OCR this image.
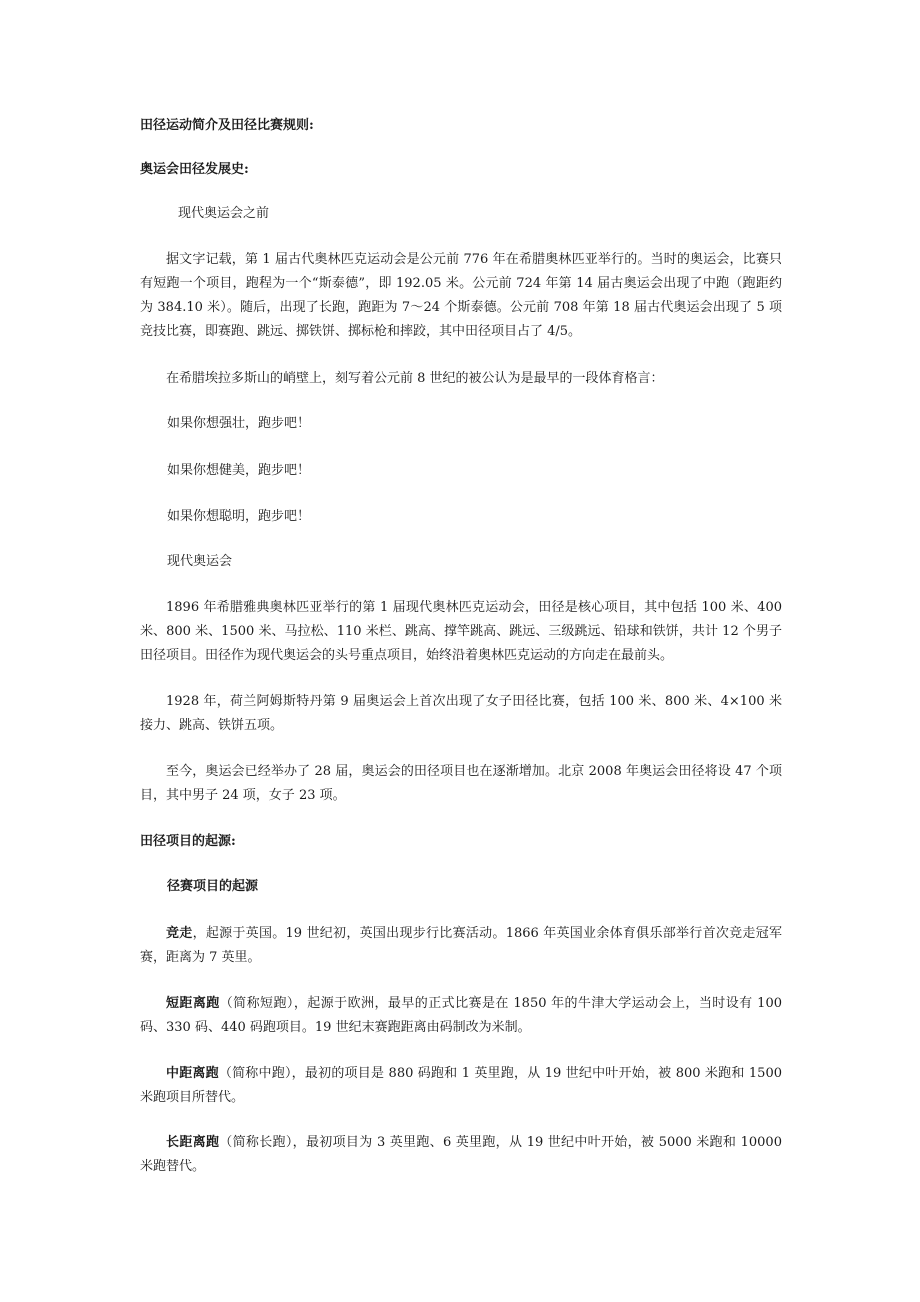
田径运动简介及田径比赛规则:

奥运会田径发展史:

现代奥运会之前

据文字记载，第 1 届古代奥林匹克运动会是公元前 776 年在希腊奥林匹亚举行的。当时的奥运会，比赛只有短跑一个项目，跑程为一个“斯泰德”，即 192.05 米。公元前 724 年第 14 届古奥运会出现了中跑（跑距约为 384.10 米）。随后，出现了长跑，跑距为 7～24 个斯泰德。公元前 708 年第 18 届古代奥运会出现了 5 项竞技比赛，即赛跑、跳远、掷铁饼、掷标枪和摔跤，其中田径项目占了 4/5。

在希腊埃拉多斯山的峭壁上，刻写着公元前 8 世纪的被公认为是最早的一段体育格言：

如果你想强壮，跑步吧！

如果你想健美，跑步吧！

如果你想聪明，跑步吧！

现代奥运会

1896 年希腊雅典奥林匹亚举行的第 1 届现代奥林匹克运动会，田径是核心项目，其中包括 100 米、400 米、800 米、1500 米、马拉松、110 米栏、跳高、撑竿跳高、跳远、三级跳远、铅球和铁饼，共计 12 个男子田径项目。田径作为现代奥运会的头号重点项目，始终沿着奥林匹克运动的方向走在最前头。

1928 年，荷兰阿姆斯特丹第 9 届奥运会上首次出现了女子田径比赛，包括 100 米、800 米、4×100 米接力、跳高、铁饼五项。

至今，奥运会已经举办了 28 届，奥运会的田径项目也在逐渐增加。北京 2008 年奥运会田径将设 47 个项目，其中男子 24 项，女子 23 项。

田径项目的起源:

径赛项目的起源

竞走，起源于英国。19 世纪初，英国出现步行比赛活动。1866 年英国业余体育俱乐部举行首次竞走冠军赛，距离为 7 英里。

短距离跑（简称短跑），起源于欧洲，最早的正式比赛是在 1850 年的牛津大学运动会上，当时设有 100 码、330 码、440 码跑项目。19 世纪末赛跑距离由码制改为米制。

中距离跑（简称中跑），最初的项目是 880 码跑和 1 英里跑，从 19 世纪中叶开始，被 800 米跑和 1500 米跑项目所替代。

长距离跑（简称长跑），最初项目为 3 英里跑、6 英里跑，从 19 世纪中叶开始，被 5000 米跑和 10000 米跑替代。
